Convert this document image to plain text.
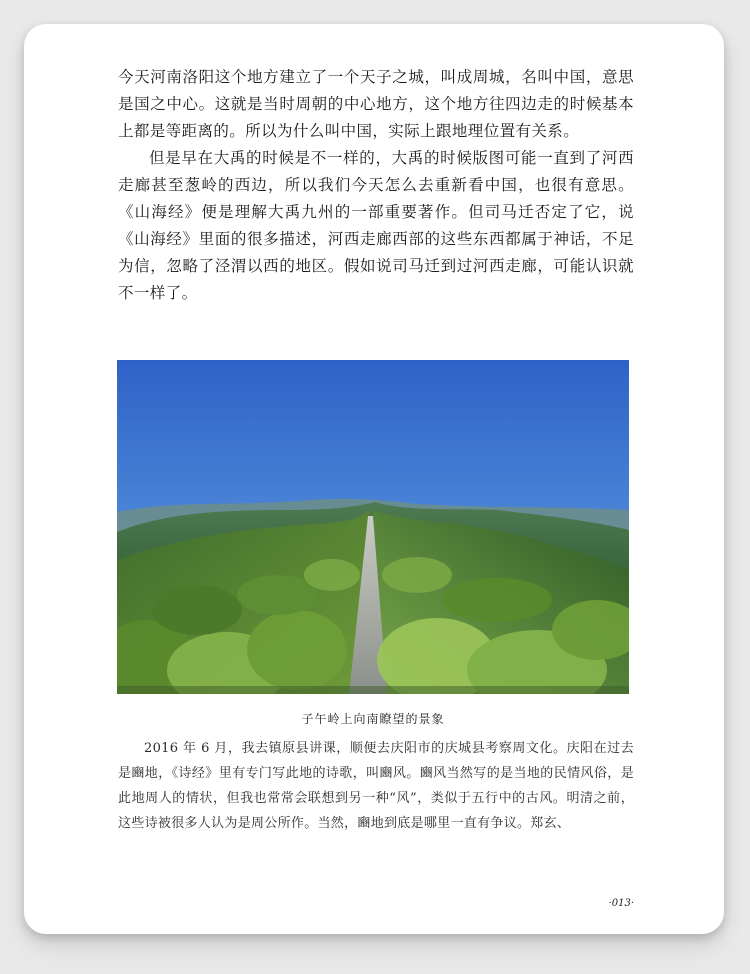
今天河南洛阳这个地方建立了一个天子之城，叫成周城，名叫中国，意思是国之中心。这就是当时周朝的中心地方，这个地方往四边走的时候基本上都是等距离的。所以为什么叫中国，实际上跟地理位置有关系。

但是早在大禹的时候是不一样的，大禹的时候版图可能一直到了河西走廊甚至葱岭的西边，所以我们今天怎么去重新看中国，也很有意思。《山海经》便是理解大禹九州的一部重要著作。但司马迁否定了它，说《山海经》里面的很多描述，河西走廊西部的这些东西都属于神话，不足为信，忽略了泾渭以西的地区。假如说司马迁到过河西走廊，可能认识就不一样了。

子午岭上向南瞭望的景象

2016 年 6 月，我去镇原县讲课，顺便去庆阳市的庆城县考察周文化。庆阳在过去是豳地，《诗经》里有专门写此地的诗歌，叫豳风。豳风当然写的是当地的民情风俗，是此地周人的情状，但我也常常会联想到另一种“风”，类似于五行中的古风。明清之前，这些诗被很多人认为是周公所作。当然，豳地到底是哪里一直有争议。郑玄、

·013·
